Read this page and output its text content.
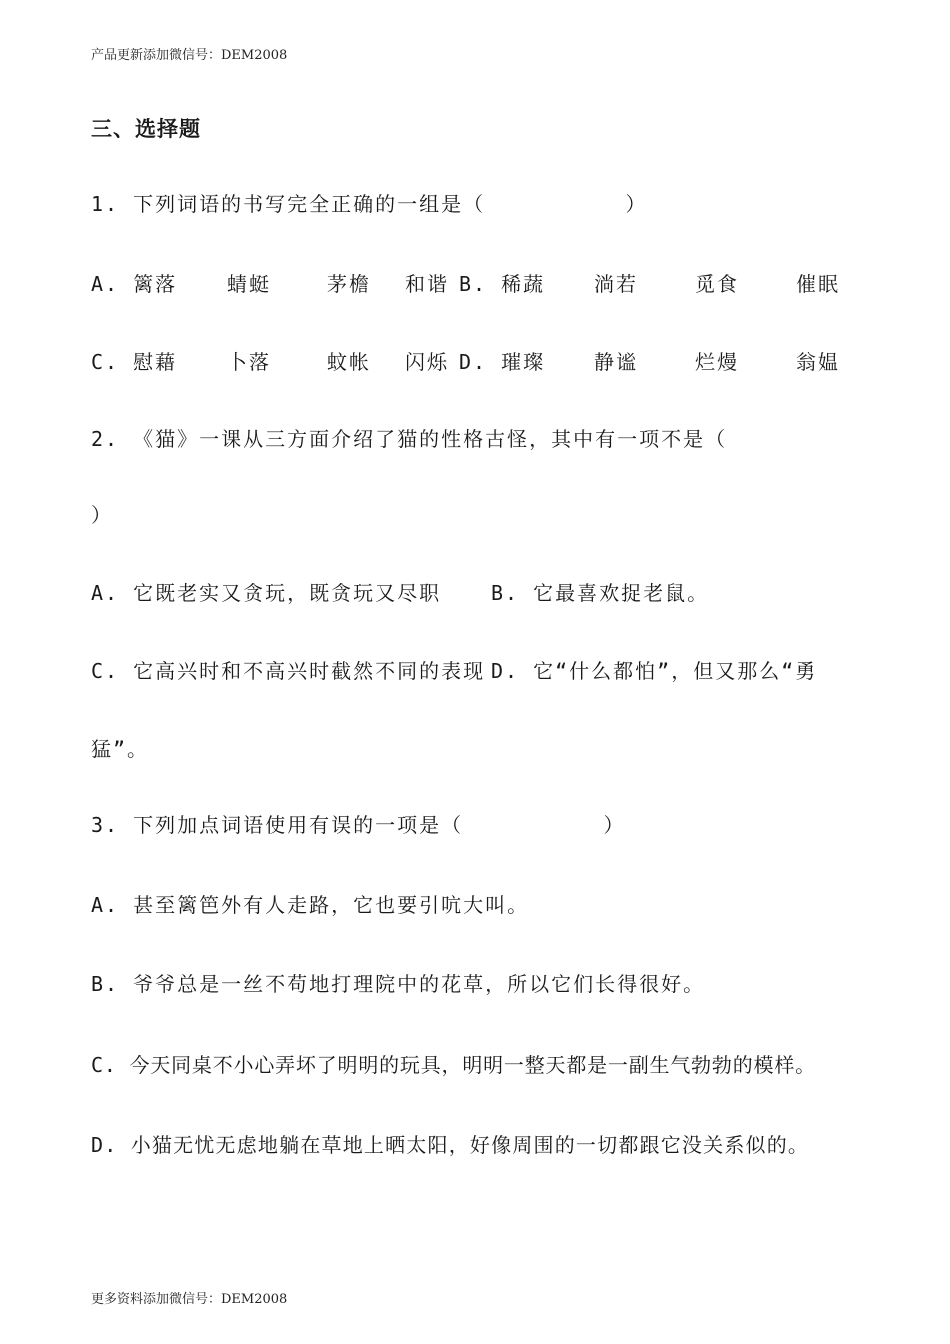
产品更新添加微信号：DEM2008
三、选择题
1. 下列词语的书写完全正确的一组是（          ）
A. 篱落 蜻蜓	茅檐 和谐 B. 稀蔬 淌若	觅食	催眠
C. 慰藉 卜落	蚊帐 闪烁 D. 璀璨 静谧	烂熳	翁媪
2. 《猫》一课从三方面介绍了猫的性格古怪，其中有一项不是（
）
A. 它既老实又贪玩，既贪玩又尽职 B. 它最喜欢捉老鼠。
C. 它高兴时和不高兴时截然不同的表现 D. 它“什么都怕”，但又那么“勇
猛”。
3. 下列加点词语使用有误的一项是（          ）
A. 甚至篱笆外有人走路，它也要引吭大叫。
B. 爷爷总是一丝不苟地打理院中的花草，所以它们长得很好。
C. 今天同桌不小心弄坏了明明的玩具，明明一整天都是一副生气勃勃的模样。
D. 小猫无忧无虑地躺在草地上晒太阳，好像周围的一切都跟它没关系似的。
更多资料添加微信号：DEM2008
